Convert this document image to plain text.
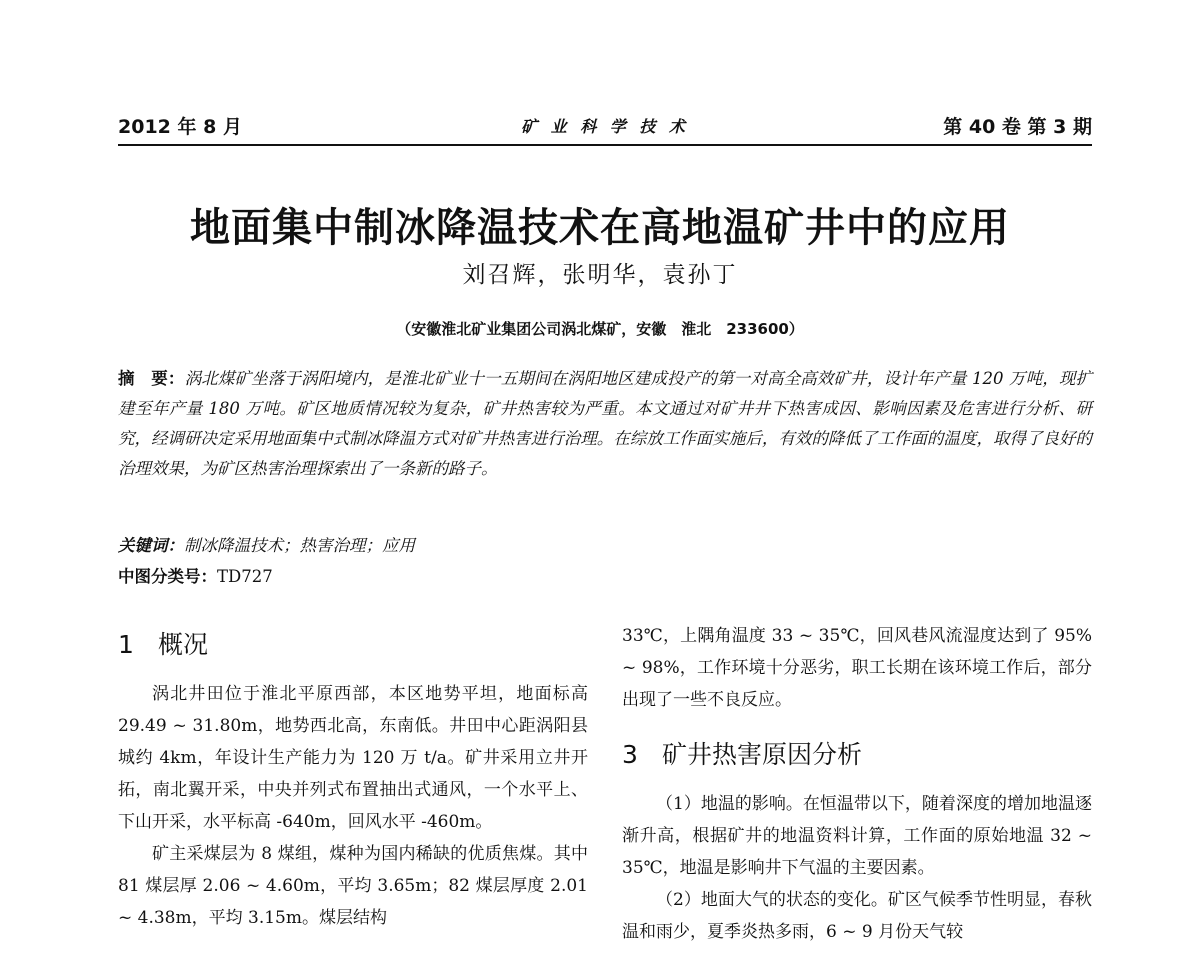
2012 年 8 月	矿 业 科 学 技 术	第 40 卷 第 3 期
地面集中制冰降温技术在高地温矿井中的应用
刘召辉，张明华，袁孙丁
（安徽淮北矿业集团公司涡北煤矿，安徽　淮北　233600）
摘　要：涡北煤矿坐落于涡阳境内，是淮北矿业十一五期间在涡阳地区建成投产的第一对高全高效矿井，设计年产量 120 万吨，现扩建至年产量 180 万吨。矿区地质情况较为复杂，矿井热害较为严重。本文通过对矿井井下热害成因、影响因素及危害进行分析、研究，经调研决定采用地面集中式制冰降温方式对矿井热害进行治理。在综放工作面实施后，有效的降低了工作面的温度，取得了良好的治理效果，为矿区热害治理探索出了一条新的路子。
关键词：制冰降温技术；热害治理；应用
中图分类号：TD727
1 概况

涡北井田位于淮北平原西部，本区地势平坦，地面标高 29.49 ~ 31.80m，地势西北高，东南低。井田中心距涡阳县城约 4km，年设计生产能力为 120 万 t/a。矿井采用立井开拓，南北翼开采，中央并列式布置抽出式通风，一个水平上、下山开采，水平标高 -640m，回风水平 -460m。

矿主采煤层为 8 煤组，煤种为国内稀缺的优质焦煤。其中 81 煤层厚 2.06 ~ 4.60m，平均 3.65m；82 煤层厚度 2.01 ~ 4.38m，平均 3.15m。煤层结构

33℃，上隅角温度 33 ~ 35℃，回风巷风流湿度达到了 95% ~ 98%，工作环境十分恶劣，职工长期在该环境工作后，部分出现了一些不良反应。

3 矿井热害原因分析

（1）地温的影响。在恒温带以下，随着深度的增加地温逐渐升高，根据矿井的地温资料计算，工作面的原始地温 32 ~ 35℃，地温是影响井下气温的主要因素。

（2）地面大气的状态的变化。矿区气候季节性明显，春秋温和雨少，夏季炎热多雨，6 ~ 9 月份天气较
